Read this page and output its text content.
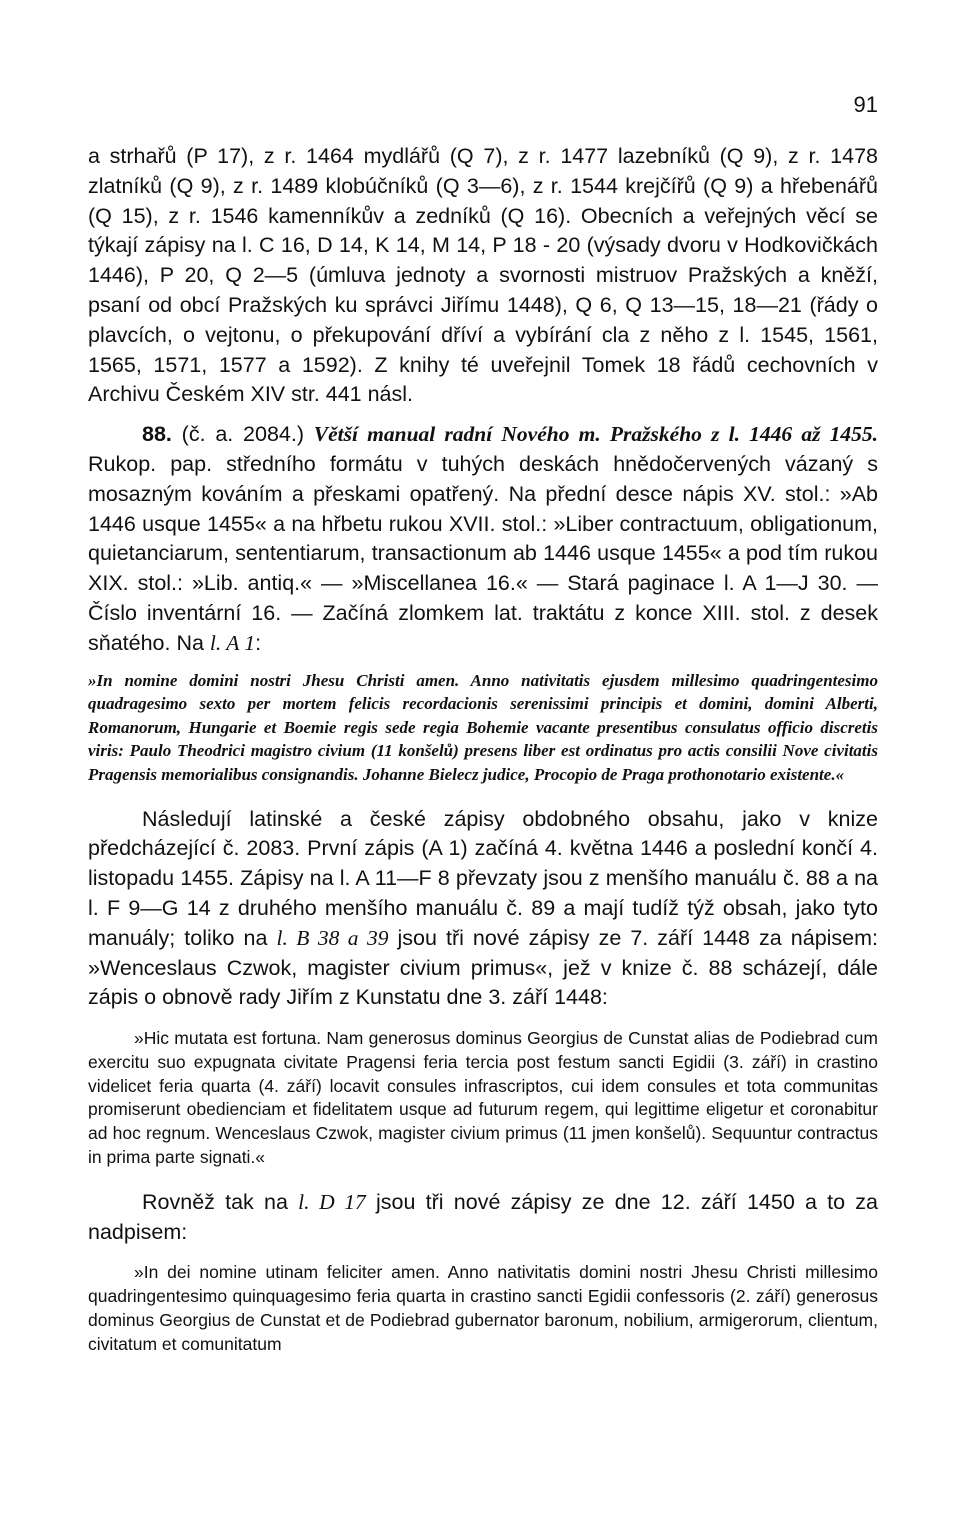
91

a strhařů (P 17), z r. 1464 mydlářů (Q 7), z r. 1477 lazebníků (Q 9), z r. 1478 zlatníků (Q 9), z r. 1489 klobúčníků (Q 3—6), z r. 1544 krejčířů (Q 9) a hřebenářů (Q 15), z r. 1546 kamenníkův a zedníků (Q 16). Obecních a veřejných věcí se týkají zápisy na l. C 16, D 14, K 14, M 14, P 18 - 20 (výsady dvoru v Hodkovičkách 1446), P 20, Q 2—5 (úmluva jednoty a svornosti mistruov Pražských a kněží, psaní od obcí Pražských ku správci Jiřímu 1448), Q 6, Q 13—15, 18—21 (řády o plavcích, o vejtonu, o překupování dříví a vybírání cla z něho z l. 1545, 1561, 1565, 1571, 1577 a 1592). Z knihy té uveřejnil Tomek 18 řádů cechovních v Archivu Českém XIV str. 441 násl.

88. (č. a. 2084.) Větší manual radní Nového m. Pražského z l. 1446 až 1455. Rukop. pap. středního formátu v tuhých deskách hnědočervených vázaný s mosazným kováním a přeskami opatřený. Na přední desce nápis XV. stol.: »Ab 1446 usque 1455« a na hřbetu rukou XVII. stol.: »Liber contractuum, obligationum, quietanciarum, sententiarum, transactionum ab 1446 usque 1455« a pod tím rukou XIX. stol.: »Lib. antiq.« — »Miscellanea 16.« — Stará paginace l. A 1—J 30. — Číslo inventární 16. — Začíná zlomkem lat. traktátu z konce XIII. stol. z desek sňatého. Na l. A 1:

»In nomine domini nostri Jhesu Christi amen. Anno nativitatis ejusdem millesimo quadringentesimo quadragesimo sexto per mortem felicis recordacionis serenissimi principis et domini, domini Alberti, Romanorum, Hungarie et Boemie regis sede regia Bohemie vacante presentibus consulatus officio discretis viris: Paulo Theodrici magistro civium (11 konšelů) presens liber est ordinatus pro actis consilii Nove civitatis Pragensis memorialibus consignandis. Johanne Bielecz judice, Procopio de Praga prothonotario existente.«

Následují latinské a české zápisy obdobného obsahu, jako v knize předcházející č. 2083. První zápis (A 1) začíná 4. května 1446 a poslední končí 4. listopadu 1455. Zápisy na l. A 11—F 8 převzaty jsou z menšího manuálu č. 88 a na l. F 9—G 14 z druhého menšího manuálu č. 89 a mají tudíž týž obsah, jako tyto manuály; toliko na l. B 38 a 39 jsou tři nové zápisy ze 7. září 1448 za nápisem: »Wenceslaus Czwok, magister civium primus«, jež v knize č. 88 scházejí, dále zápis o obnově rady Jiřím z Kunstatu dne 3. září 1448:

»Hic mutata est fortuna. Nam generosus dominus Georgius de Cunstat alias de Podiebrad cum exercitu suo expugnata civitate Pragensi feria tercia post festum sancti Egidii (3. září) in crastino videlicet feria quarta (4. září) locavit consules infrascriptos, cui idem consules et tota communitas promiserunt obedienciam et fidelitatem usque ad futurum regem, qui legittime eligetur et coronabitur ad hoc regnum. Wenceslaus Czwok, magister civium primus (11 jmen konšelů). Sequuntur contractus in prima parte signati.«

Rovněž tak na l. D 17 jsou tři nové zápisy ze dne 12. září 1450 a to za nadpisem:

»In dei nomine utinam feliciter amen. Anno nativitatis domini nostri Jhesu Christi millesimo quadringentesimo quinquagesimo feria quarta in crastino sancti Egidii confessoris (2. září) generosus dominus Georgius de Cunstat et de Podiebrad gubernator baronum, nobilium, armigerorum, clientum, civitatum et comunitatum
